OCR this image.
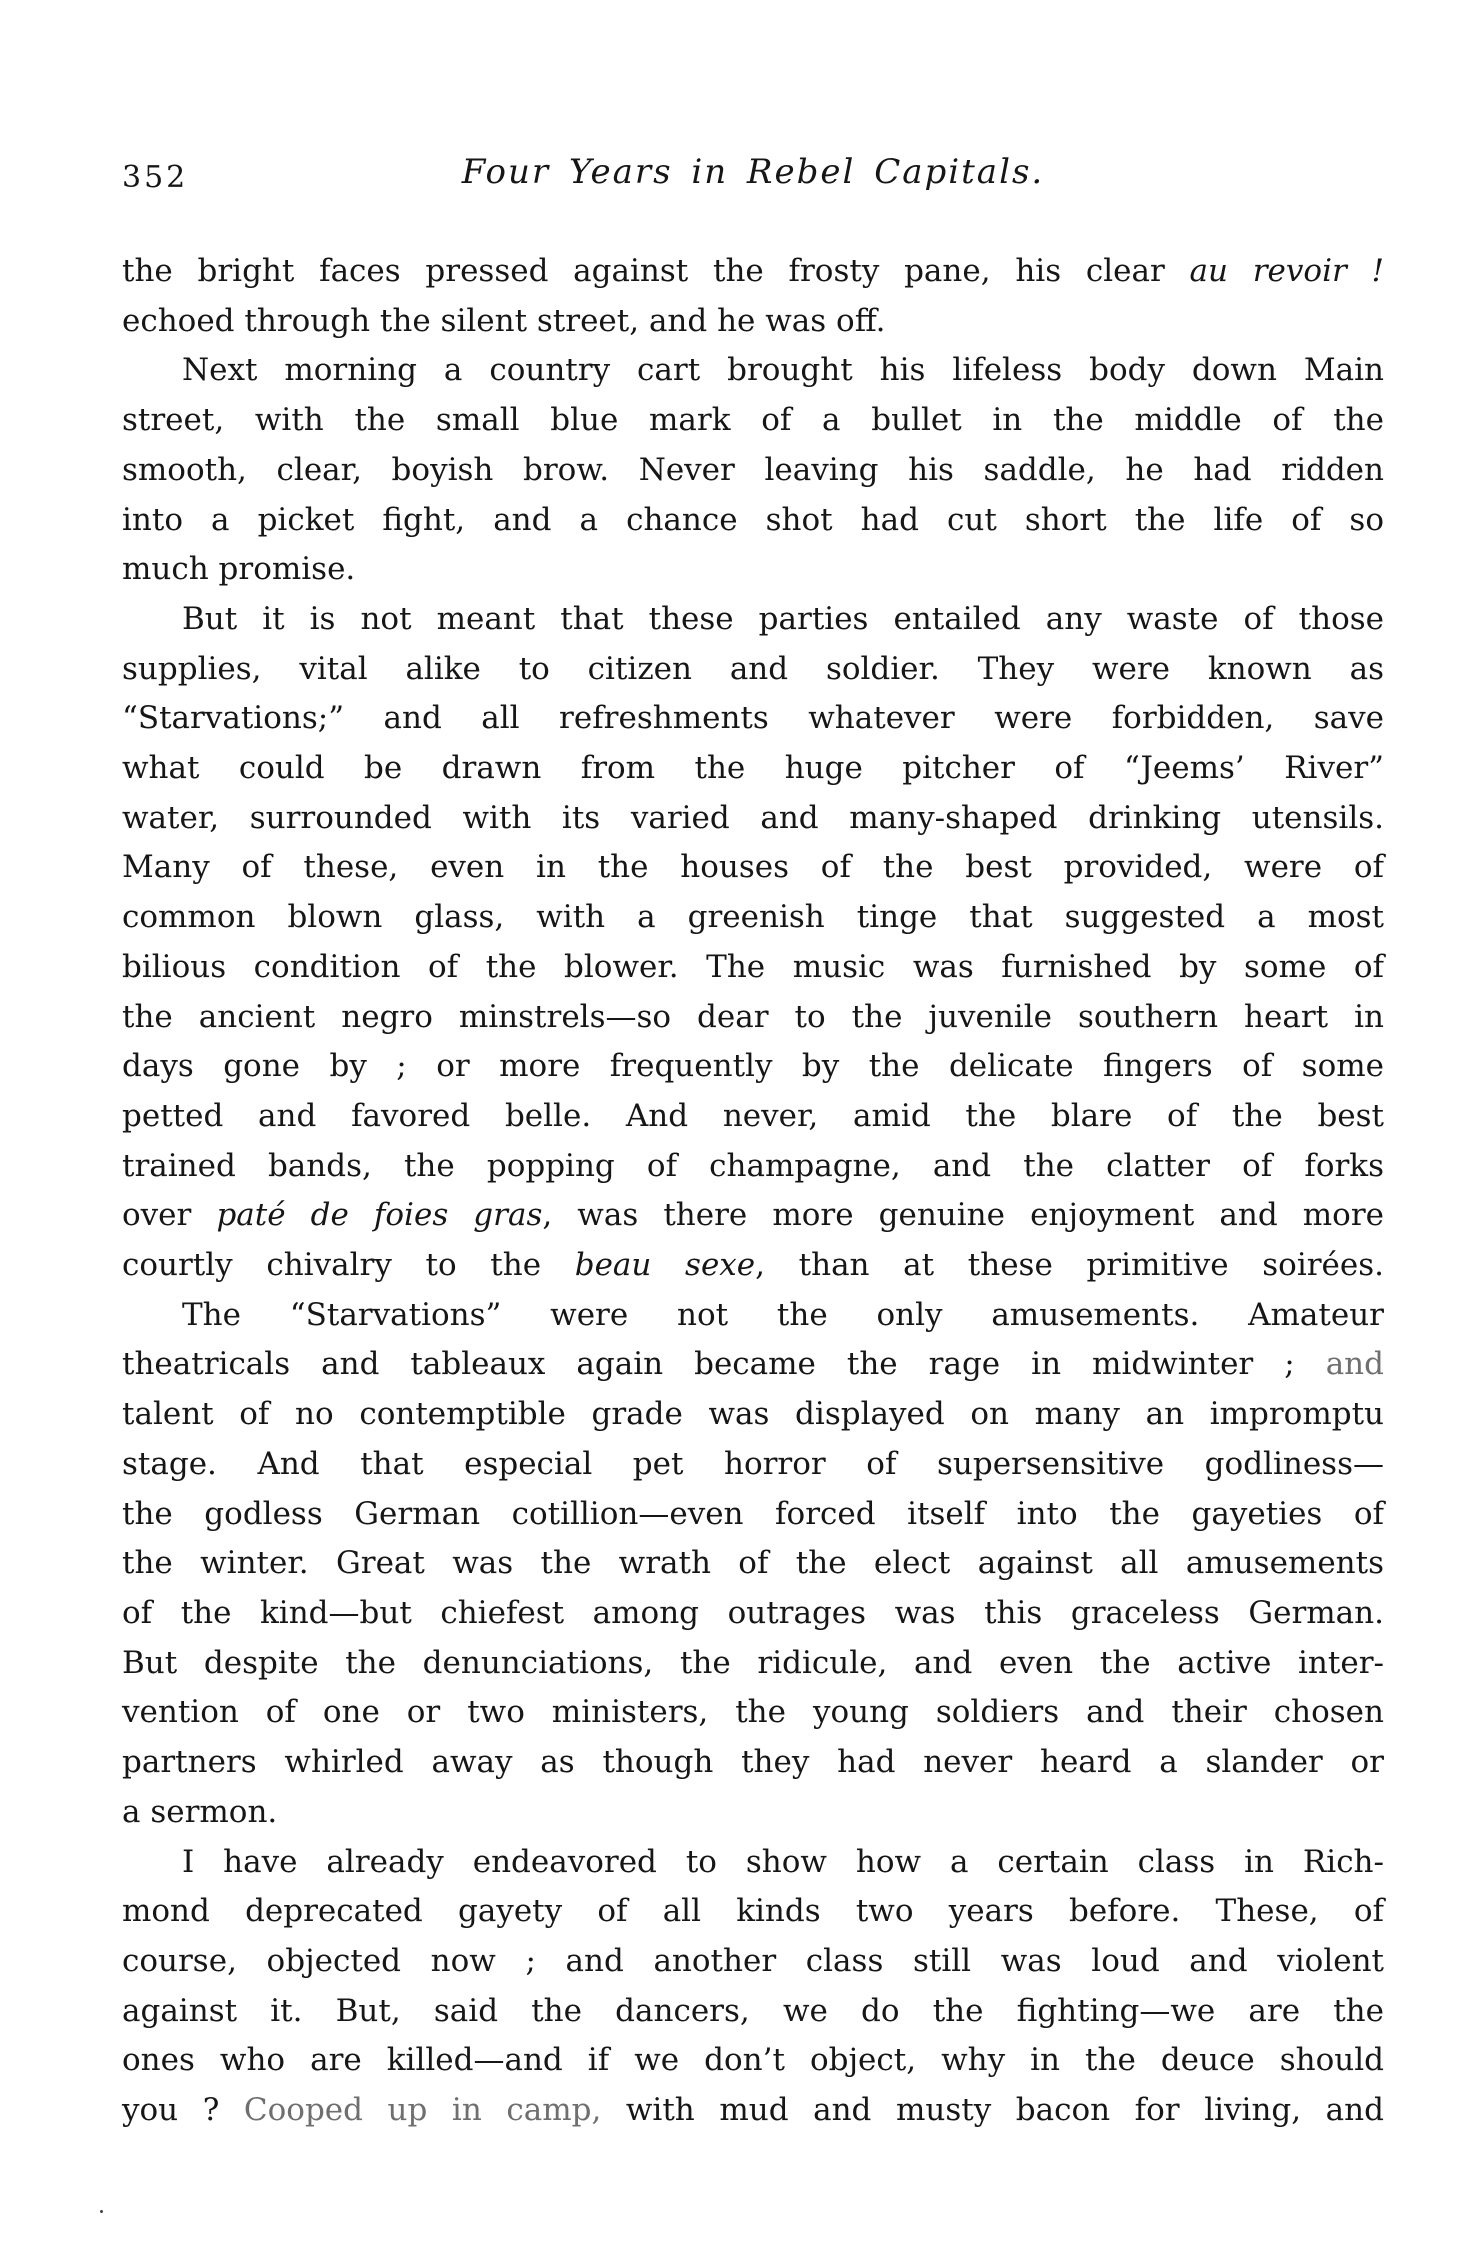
352	Four Years in Rebel Capitals.
the bright faces pressed against the frosty pane, his clear au revoir !
echoed through the silent street, and he was off.
Next morning a country cart brought his lifeless body down Main
street, with the small blue mark of a bullet in the middle of the
smooth, clear, boyish brow. Never leaving his saddle, he had ridden
into a picket fight, and a chance shot had cut short the life of so
much promise.
But it is not meant that these parties entailed any waste of those
supplies, vital alike to citizen and soldier. They were known as
“Starvations;” and all refreshments whatever were forbidden, save
what could be drawn from the huge pitcher of “Jeems’ River”
water, surrounded with its varied and many-shaped drinking utensils.
Many of these, even in the houses of the best provided, were of
common blown glass, with a greenish tinge that suggested a most
bilious condition of the blower. The music was furnished by some of
the ancient negro minstrels—so dear to the juvenile southern heart in
days gone by ; or more frequently by the delicate fingers of some
petted and favored belle. And never, amid the blare of the best
trained bands, the popping of champagne, and the clatter of forks
over paté de foies gras, was there more genuine enjoyment and more
courtly chivalry to the beau sexe, than at these primitive soirées.
The “Starvations” were not the only amusements. Amateur
theatricals and tableaux again became the rage in midwinter ; and
talent of no contemptible grade was displayed on many an impromptu
stage. And that especial pet horror of supersensitive godliness—
the godless German cotillion—even forced itself into the gayeties of
the winter. Great was the wrath of the elect against all amusements
of the kind—but chiefest among outrages was this graceless German.
But despite the denunciations, the ridicule, and even the active inter-
vention of one or two ministers, the young soldiers and their chosen
partners whirled away as though they had never heard a slander or
a sermon.
I have already endeavored to show how a certain class in Rich-
mond deprecated gayety of all kinds two years before. These, of
course, objected now ; and another class still was loud and violent
against it. But, said the dancers, we do the fighting—we are the
ones who are killed—and if we don’t object, why in the deuce should
you ? Cooped up in camp, with mud and musty bacon for living, and
